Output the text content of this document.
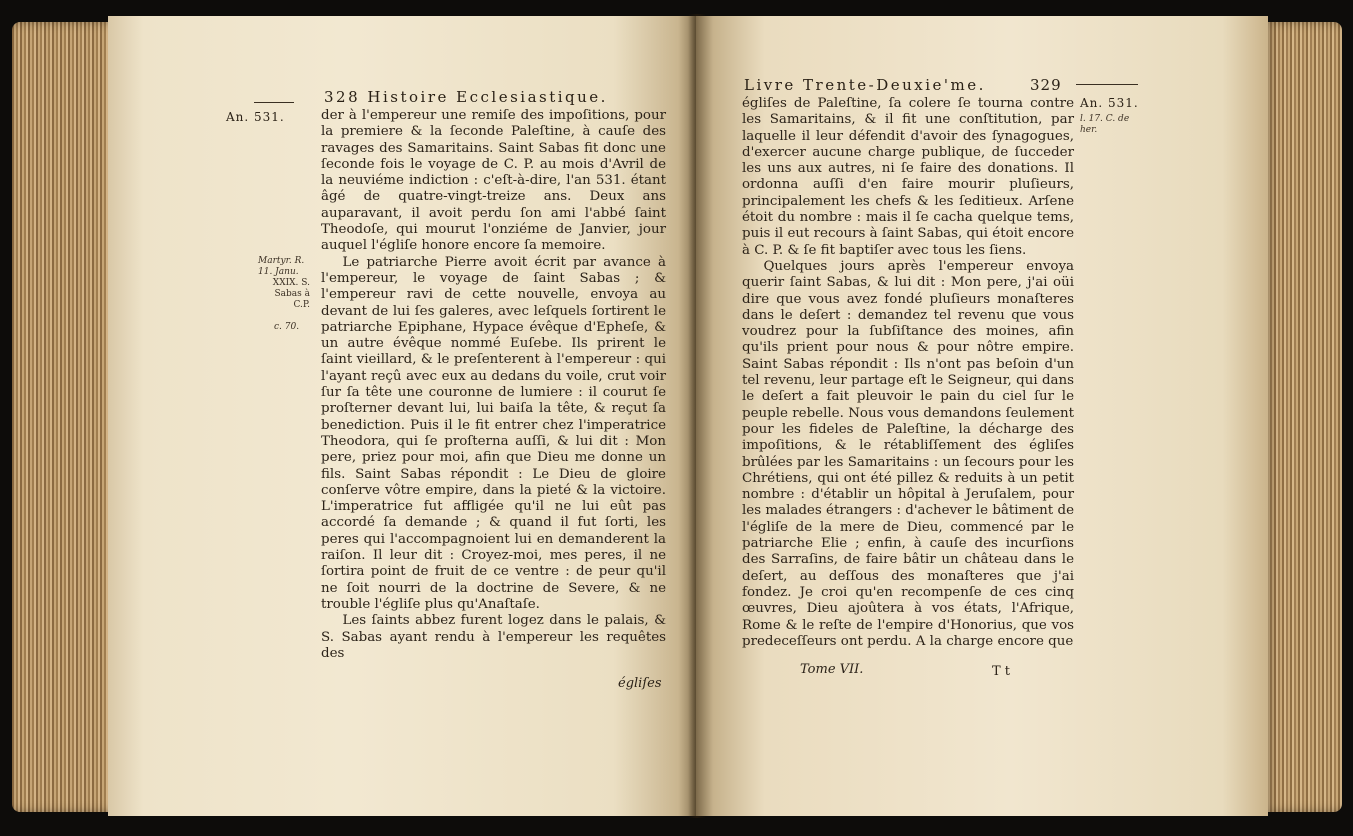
328 Histoire Ecclesiastique.
An. 531.
Martyr. R. 11. Janu.
XXIX. S. Sabas à C.P.
c. 70.

der à l'empereur une remiſe des impoſitions, pour la premiere & la ſeconde Paleſtine, à cauſe des ravages des Samaritains. Saint Sabas fit donc une ſeconde fois le voyage de C. P. au mois d'Avril de la neuviéme indiction : c'eſt-à-dire, l'an 531. étant âgé de quatre-vingt-treize ans. Deux ans auparavant, il avoit perdu ſon ami l'abbé ſaint Theodoſe, qui mourut l'onziéme de Janvier, jour auquel l'égliſe honore encore ſa memoire.

Le patriarche Pierre avoit écrit par avance à l'empereur, le voyage de ſaint Sabas ; & l'empereur ravi de cette nouvelle, envoya au devant de lui ſes galeres, avec leſquels ſortirent le patriarche Epiphane, Hypace évêque d'Epheſe, & un autre évêque nommé Euſebe. Ils prirent le ſaint vieillard, & le preſenterent à l'empereur : qui l'ayant reçû avec eux au dedans du voile, crut voir ſur ſa tête une couronne de lumiere : il courut ſe proſterner devant lui, lui baiſa la tête, & reçut ſa benediction. Puis il le fit entrer chez l'imperatrice Theodora, qui ſe proſterna auſſi, & lui dit : Mon pere, priez pour moi, afin que Dieu me donne un fils. Saint Sabas répondit : Le Dieu de gloire conſerve vôtre empire, dans la pieté & la victoire. L'imperatrice fut affligée qu'il ne lui eût pas accordé ſa demande ; & quand il fut ſorti, les peres qui l'accompagnoient lui en demanderent la raiſon. Il leur dit : Croyez-moi, mes peres, il ne ſortira point de fruit de ce ventre : de peur qu'il ne ſoit nourri de la doctrine de Severe, & ne trouble l'égliſe plus qu'Anaſtaſe.

Les ſaints abbez furent logez dans le palais, & S. Sabas ayant rendu à l'empereur les requêtes des

égliſes
Livre Trente-Deuxie'me.	329
An. 531.
l. 17. C. de her.

égliſes de Paleſtine, ſa colere ſe tourna contre les Samaritains, & il fit une conſtitution, par laquelle il leur défendit d'avoir des ſynagogues, d'exercer aucune charge publique, de ſucceder les uns aux autres, ni ſe faire des donations. Il ordonna auſſi d'en faire mourir pluſieurs, principalement les chefs & les ſeditieux. Arſene étoit du nombre : mais il ſe cacha quelque tems, puis il eut recours à ſaint Sabas, qui étoit encore à C. P. & ſe fit baptiſer avec tous les ſiens.

Quelques jours après l'empereur envoya querir ſaint Sabas, & lui dit : Mon pere, j'ai oüi dire que vous avez fondé pluſieurs monaſteres dans le deſert : demandez tel revenu que vous voudrez pour la ſubſiſtance des moines, afin qu'ils prient pour nous & pour nôtre empire. Saint Sabas répondit : Ils n'ont pas beſoin d'un tel revenu, leur partage eſt le Seigneur, qui dans le deſert a fait pleuvoir le pain du ciel ſur le peuple rebelle. Nous vous demandons ſeulement pour les fideles de Paleſtine, la décharge des impoſitions, & le rétabliſſement des égliſes brûlées par les Samaritains : un ſecours pour les Chrétiens, qui ont été pillez & reduits à un petit nombre : d'établir un hôpital à Jeruſalem, pour les malades étrangers : d'achever le bâtiment de l'égliſe de la mere de Dieu, commencé par le patriarche Elie ; enfin, à cauſe des incurſions des Sarraſins, de faire bâtir un château dans le deſert, au deſſous des monaſteres que j'ai fondez. Je croi qu'en recompenſe de ces cinq œuvres, Dieu ajoûtera à vos états, l'Afrique, Rome & le reſte de l'empire d'Honorius, que vos predeceſſeurs ont perdu. A la charge encore que

Tome VII.	T t
